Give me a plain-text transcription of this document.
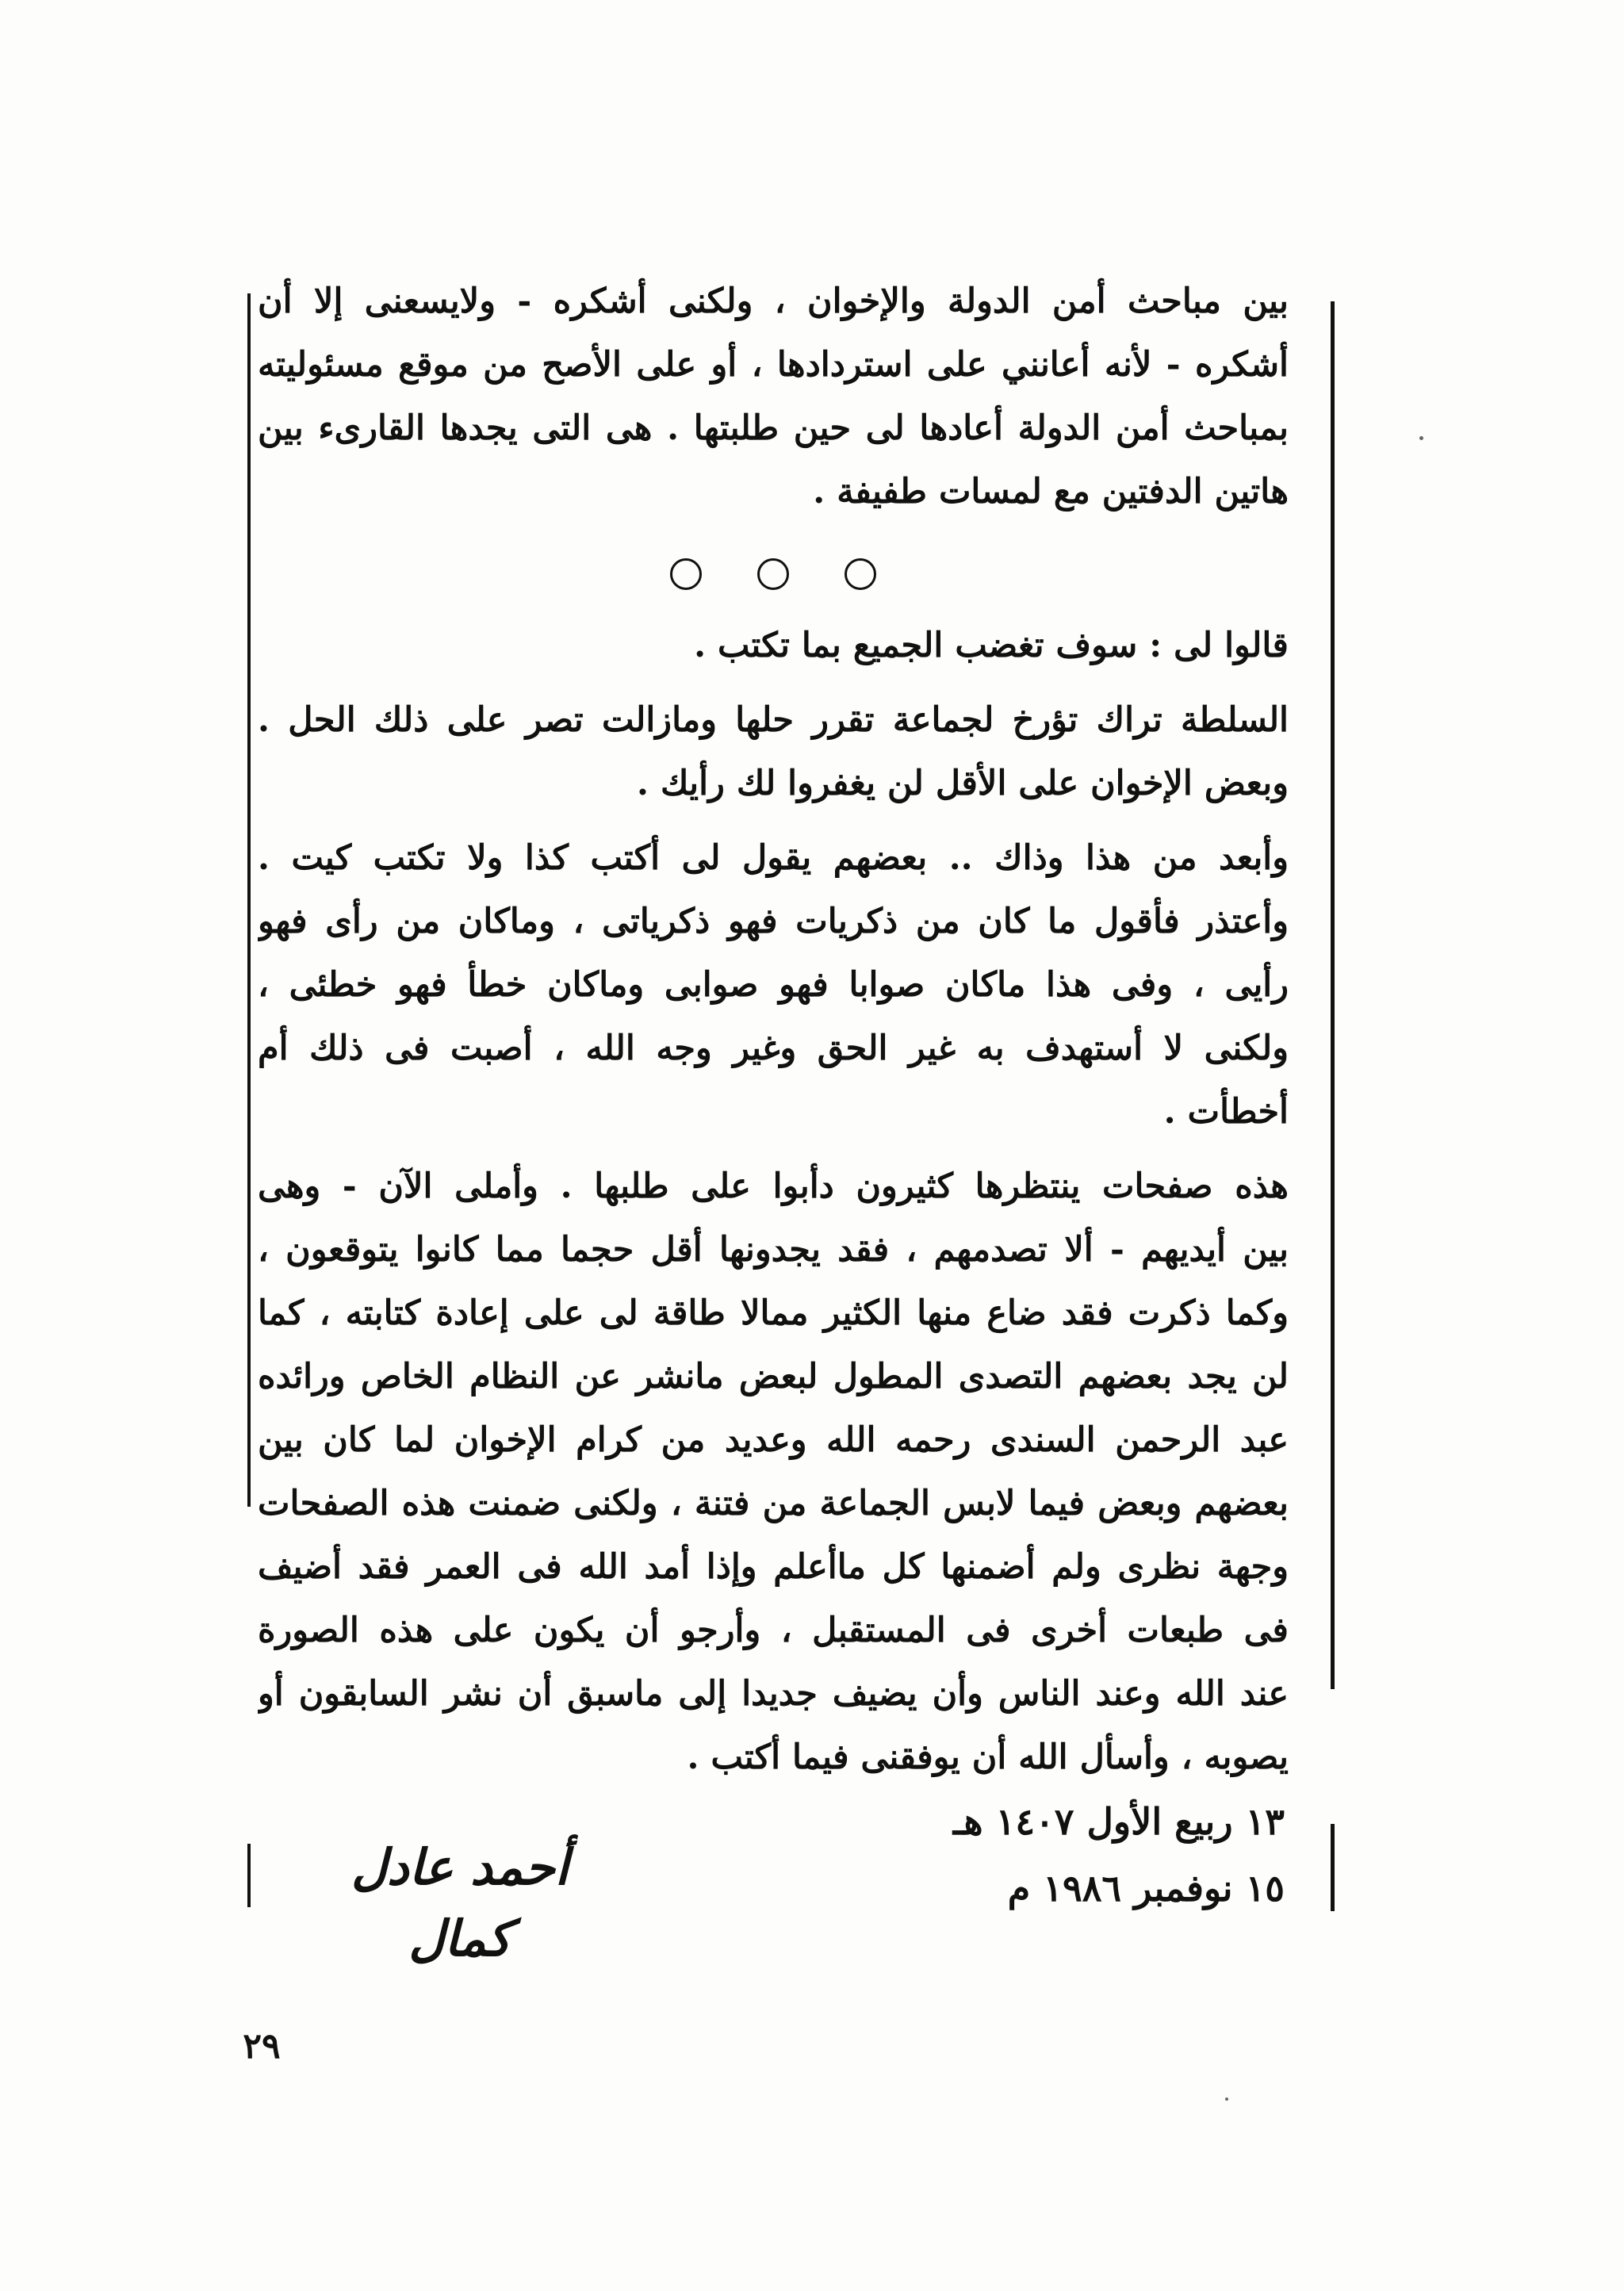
بين مباحث أمن الدولة والإخوان ، ولكنى أشكره - ولايسعنى إلا أن
أشكره - لأنه أعانني على استردادها ، أو على الأصح من موقع مسئوليته
بمباحث أمن الدولة أعادها لى حين طلبتها . هى التى يجدها القارىء بين
هاتين الدفتين مع لمسات طفيفة .
قالوا لى : سوف تغضب الجميع بما تكتب .
السلطة تراك تؤرخ لجماعة تقرر حلها ومازالت تصر على ذلك الحل .
وبعض الإخوان على الأقل لن يغفروا لك رأيك .
وأبعد من هذا وذاك .. بعضهم يقول لى أكتب كذا ولا تكتب كيت .
وأعتذر فأقول ما كان من ذكريات فهو ذكرياتى ، وماكان من رأى فهو
رأيى ، وفى هذا ماكان صوابا فهو صوابى وماكان خطأ فهو خطئى ،
ولكنى لا أستهدف به غير الحق وغير وجه الله ، أصبت فى ذلك أم
أخطأت .
هذه صفحات ينتظرها كثيرون دأبوا على طلبها . وأملى الآن - وهى
بين أيديهم - ألا تصدمهم ، فقد يجدونها أقل حجما مما كانوا يتوقعون ،
وكما ذكرت فقد ضاع منها الكثير ممالا طاقة لى على إعادة كتابته ، كما
لن يجد بعضهم التصدى المطول لبعض مانشر عن النظام الخاص ورائده
عبد الرحمن السندى رحمه الله وعديد من كرام الإخوان لما كان بين
بعضهم وبعض فيما لابس الجماعة من فتنة ، ولكنى ضمنت هذه الصفحات
وجهة نظرى ولم أضمنها كل ماأعلم وإذا أمد الله فى العمر فقد أضيف
فى طبعات أخرى فى المستقبل ، وأرجو أن يكون على هذه الصورة
عند الله وعند الناس وأن يضيف جديدا إلى ماسبق أن نشر السابقون أو
يصوبه ، وأسأل الله أن يوفقنى فيما أكتب .
١٣ ربيع الأول ١٤٠٧ هـ
١٥ نوفمبر ١٩٨٦ م
أحمد عادل كمال
٢٩
